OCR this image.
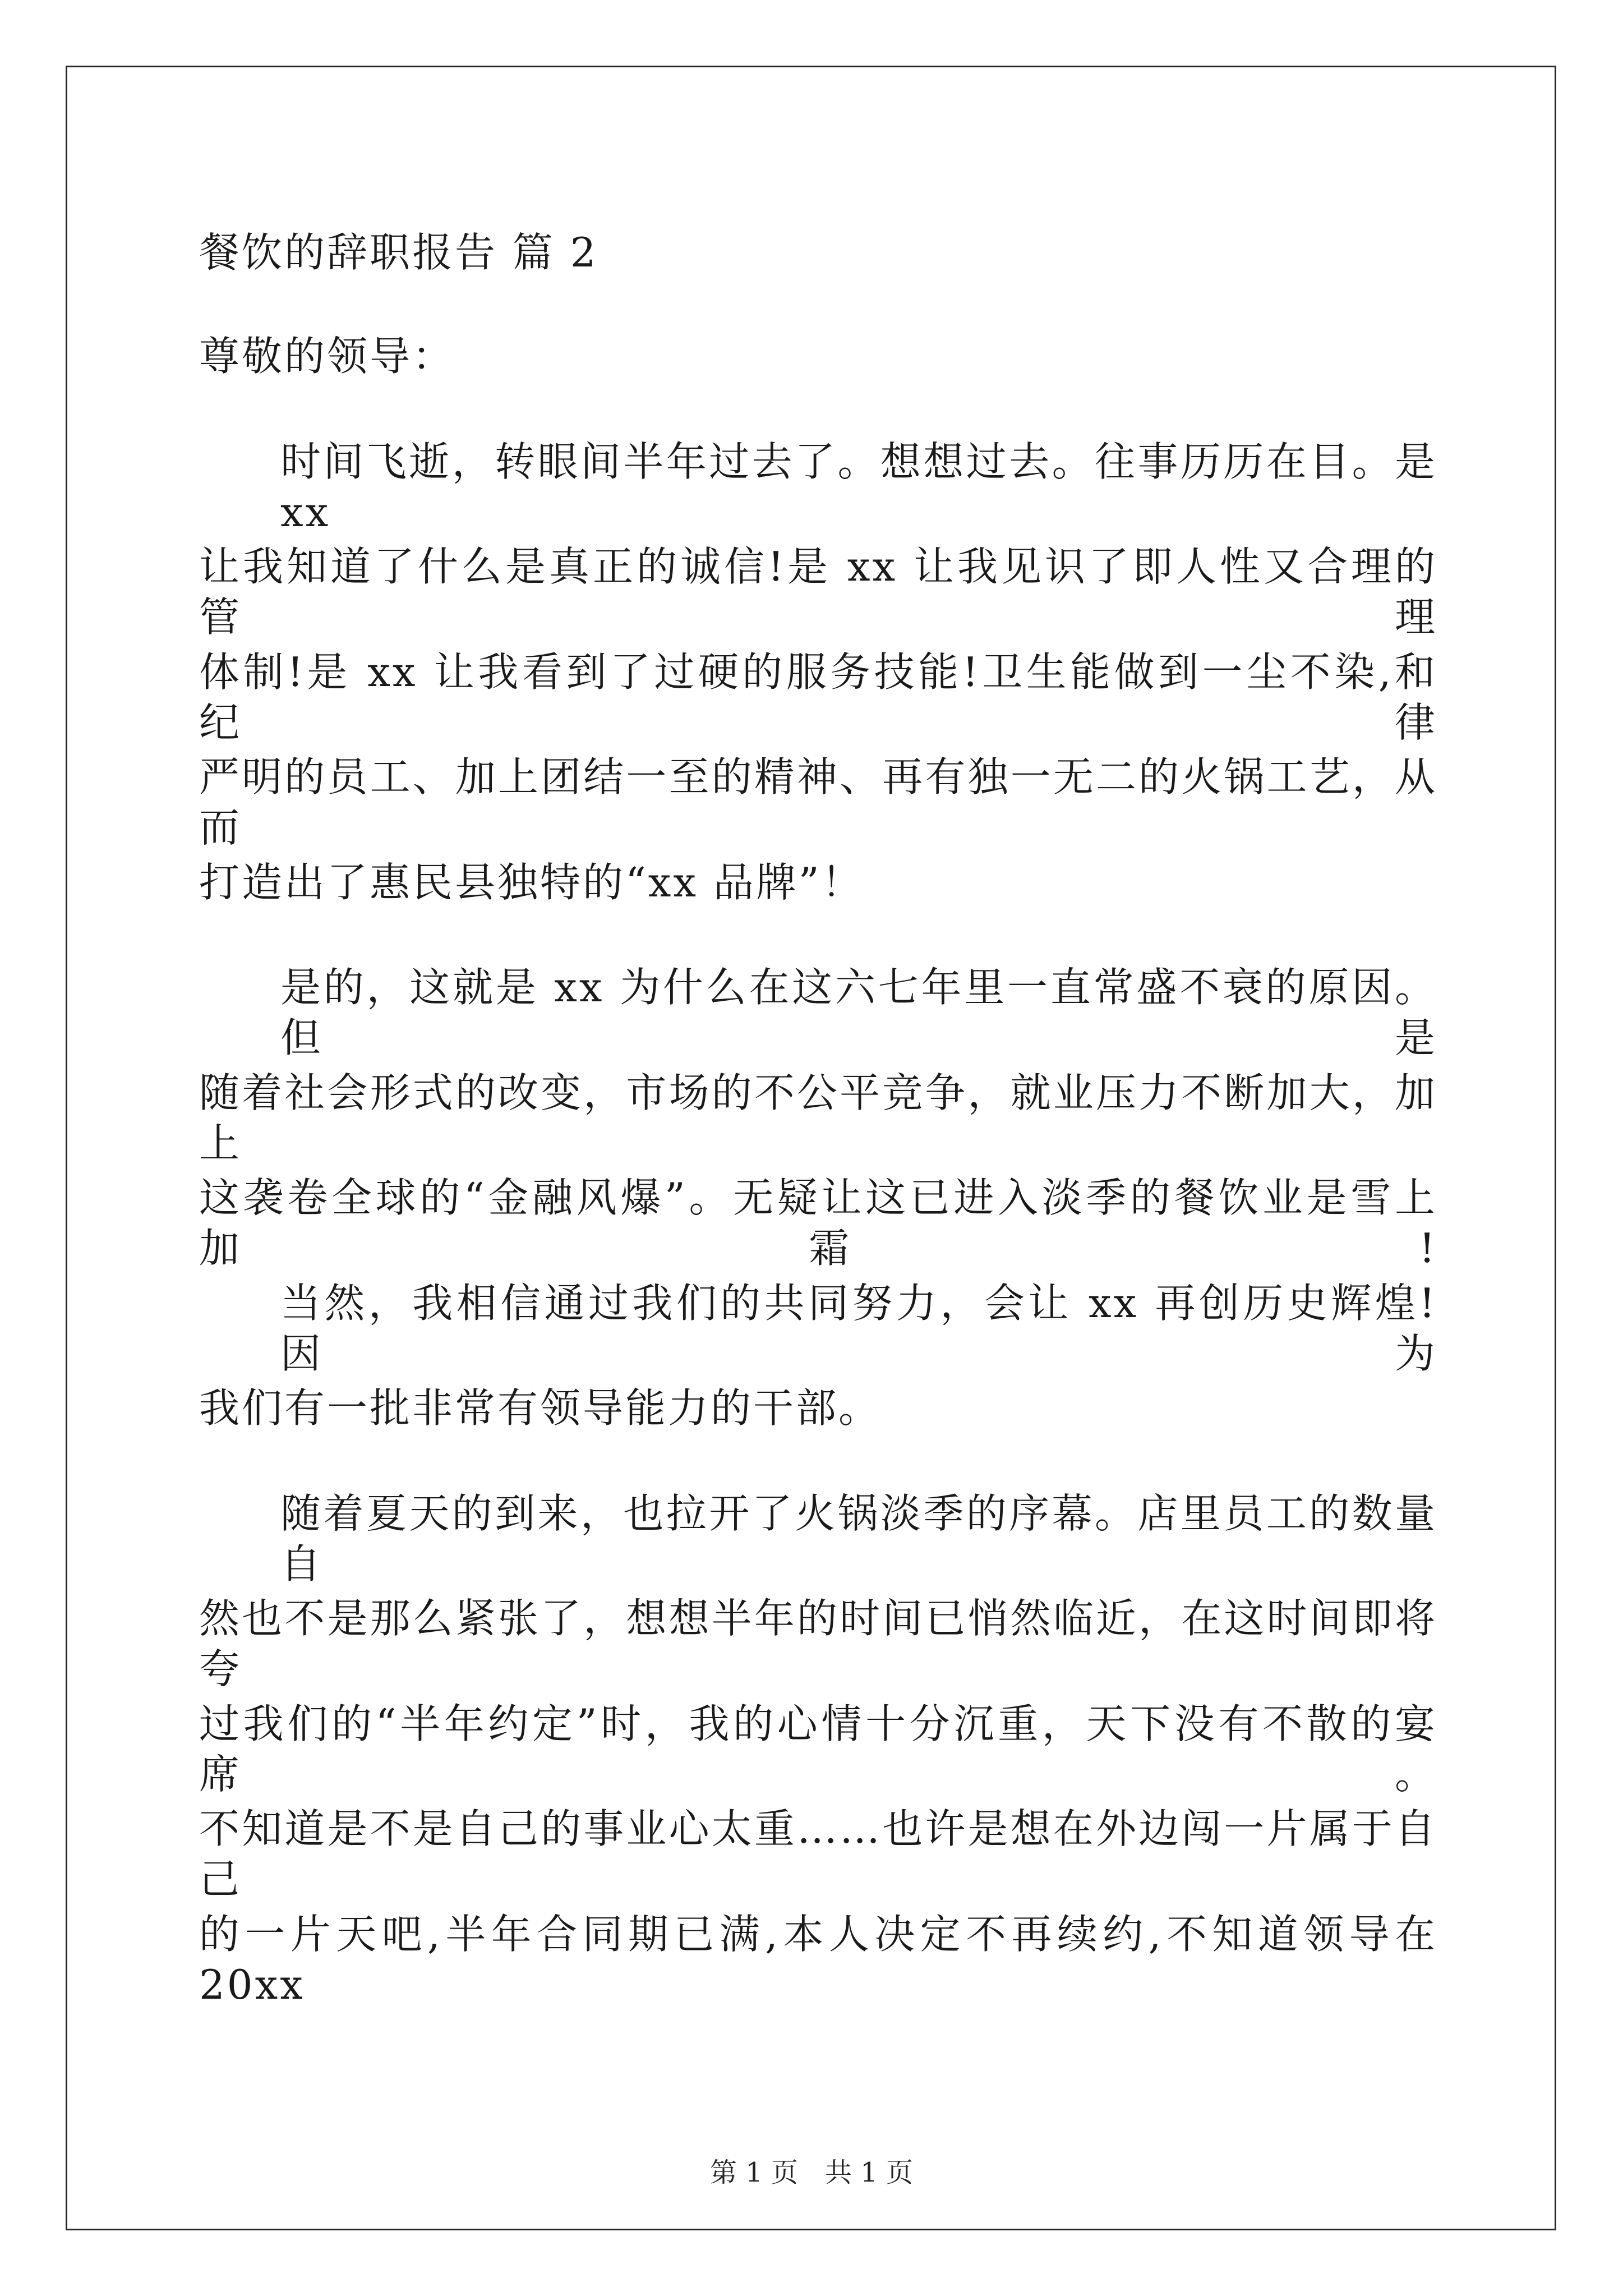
餐饮的辞职报告 篇 2
尊敬的领导：
时间飞逝，转眼间半年过去了。想想过去。往事历历在目。是 xx
让我知道了什么是真正的诚信!是 xx 让我见识了即人性又合理的管理
体制!是 xx 让我看到了过硬的服务技能!卫生能做到一尘不染,和纪律
严明的员工、加上团结一至的精神、再有独一无二的火锅工艺，从而
打造出了惠民县独特的“xx 品牌”！
是的，这就是 xx 为什么在这六七年里一直常盛不衰的原因。但是
随着社会形式的改变，市场的不公平竞争，就业压力不断加大，加上
这袭卷全球的“金融风爆”。无疑让这已进入淡季的餐饮业是雪上加霜!
当然，我相信通过我们的共同努力，会让 xx 再创历史辉煌!因为
我们有一批非常有领导能力的干部。
随着夏天的到来，也拉开了火锅淡季的序幕。店里员工的数量自
然也不是那么紧张了，想想半年的时间已悄然临近，在这时间即将夸
过我们的“半年约定”时，我的心情十分沉重，天下没有不散的宴席。
不知道是不是自己的事业心太重……也许是想在外边闯一片属于自己
的一片天吧,半年合同期已满,本人决定不再续约,不知道领导在 20xx
第 1 页　共 1 页
